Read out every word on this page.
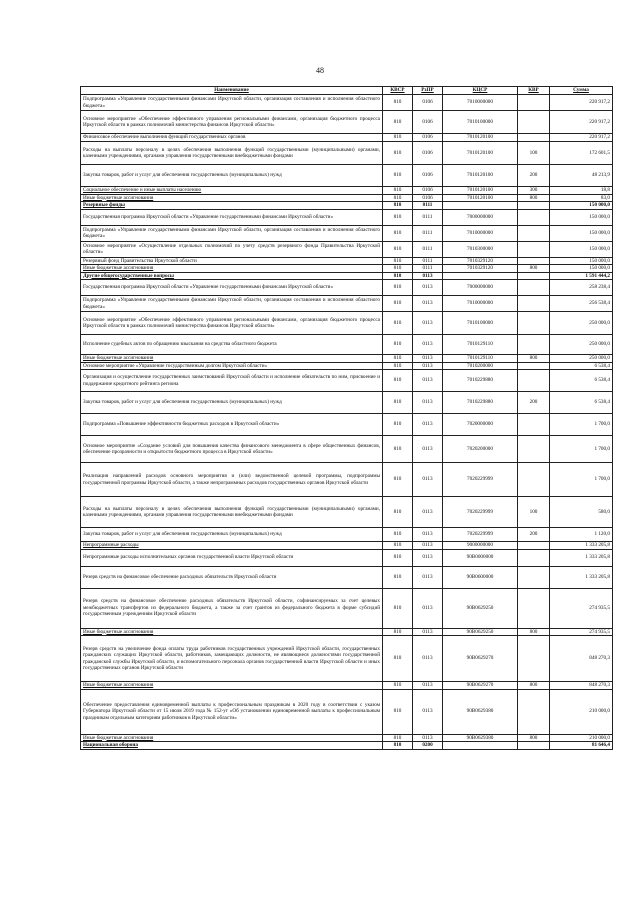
48
Наименование	КВСР	РзПР	КЦСР	КВР	Сумма
Подпрограмма «Управление государственными финансами Иркутской области, организация составления и исполнения областного бюджета»	810	0106	7010000000		220 917,2
Основное мероприятие «Обеспечение эффективного управления региональными финансами, организация бюджетного процесса Иркутской области в рамках полномочий министерства финансов Иркутской области»	810	0106	7010100000		220 917,2
Финансовое обеспечение выполнения функций государственных органов	810	0106	7010120100		220 917,2
Расходы на выплаты персоналу в целях обеспечения выполнения функций государственными (муниципальными) органами, казенными учреждениями, органами управления государственными внебюджетными фондами	810	0106	7010120100	100	172 601,5
Закупка товаров, работ и услуг для обеспечения государственных (муниципальных) нужд	810	0106	7010120100	200	48 213,9
Социальное обеспечение и иные выплаты населению	810	0106	7010120100	300	18,8
Иные бюджетные ассигнования	810	0106	7010120100	800	83,0
Резервные фонды	810	0111			150 000,0
Государственная программа Иркутской области «Управление государственными финансами Иркутской области»	810	0111	7000000000		150 000,0
Подпрограмма «Управление государственными финансами Иркутской области, организация составления и исполнения областного бюджета»	810	0111	7010000000		150 000,0
Основное мероприятие «Осуществление отдельных полномочий по учету средств резервного фонда Правительства Иркутской области»	810	0111	7010300000		150 000,0
Резервный фонд Правительства Иркутской области	810	0111	7010329120		150 000,0
Иные бюджетные ассигнования	810	0111	7010329120	800	150 000,0
Другие общегосударственные вопросы	810	0113			1 591 444,2
Государственная программа Иркутской области «Управление государственными финансами Иркутской области»	810	0113	7000000000		258 238,4
Подпрограмма «Управление государственными финансами Иркутской области, организация составления и исполнения областного бюджета»	810	0113	7010000000		256 538,4
Основное мероприятие «Обеспечение эффективного управления региональными финансами, организация бюджетного процесса Иркутской области в рамках полномочий министерства финансов Иркутской области»	810	0113	7010100000		250 000,0
Исполнение судебных актов по обращению взыскания на средства областного бюджета	810	0113	7010129110		250 000,0
Иные бюджетные ассигнования	810	0113	7010129110	800	250 000,0
Основное мероприятие «Управление государственным долгом Иркутской области»	810	0113	7010200000		6 538,4
Организация и осуществление государственных заимствований Иркутской области и исполнение обязательств по ним, присвоение и поддержание кредитного рейтинга региона	810	0113	7010229880		6 538,4
Закупка товаров, работ и услуг для обеспечения государственных (муниципальных) нужд	810	0113	7010229880	200	6 538,4
Подпрограмма «Повышение эффективности бюджетных расходов в Иркутской области»	810	0113	7020000000		1 700,0
Основное мероприятие «Создание условий для повышения качества финансового менеджмента в сфере общественных финансов, обеспечение прозрачности и открытости бюджетного процесса в Иркутской области»	810	0113	7020200000		1 700,0
Реализация направлений расходов основного мероприятия и (или) ведомственной целевой программы, подпрограммы государственной программы Иркутской области, а также непрограммных расходов государственных органов Иркутской области	810	0113	7020229999		1 700,0
Расходы на выплаты персоналу в целях обеспечения выполнения функций государственными (муниципальными) органами, казенными учреждениями, органами управления государственными внебюджетными фондами	810	0113	7020229999	100	580,0
Закупка товаров, работ и услуг для обеспечения государственных (муниципальных) нужд	810	0113	7020229999	200	1 120,0
Непрограммные расходы	810	0113	9000000000		1 333 205,8
Непрограммные расходы исполнительных органов государственной власти Иркутской области	810	0113	90В0000000		1 333 205,8
Резерв средств на финансовое обеспечение расходных обязательств Иркутской области	810	0113	90В0600000		1 333 205,8
Резерв средств на финансовое обеспечение расходных обязательств Иркутской области, софинансируемых за счет целевых межбюджетных трансфертов из федерального бюджета, а также за счет грантов из федерального бюджета в форме субсидий государственным учреждениям Иркутской области	810	0113	90В0629250		274 935,5
Иные бюджетные ассигнования	810	0113	90В0629250	800	274 935,5
Резерв средств на увеличение фонда оплаты труда работников государственных учреждений Иркутской области, государственных гражданских служащих Иркутской области, работников, замещающих должности, не являющиеся должностями государственной гражданской службы Иркутской области, и вспомогательного персонала органов государственной власти Иркутской области и иных государственных органов Иркутской области	810	0113	90В0629270		848 270,3
Иные бюджетные ассигнования	810	0113	90В0629270	800	848 270,3
Обеспечение предоставления единовременной выплаты к профессиональным праздникам в 2020 году в соответствии с указом Губернатора Иркутской области от 15 июля 2019 года № 152-уг «Об установлении единовременной выплаты к профессиональным праздникам отдельным категориям работников в Иркутской области»	810	0113	90В0629380		210 000,0
Иные бюджетные ассигнования	810	0113	90В0629380	800	210 000,0
Национальная оборона	810	0200			81 646,4
